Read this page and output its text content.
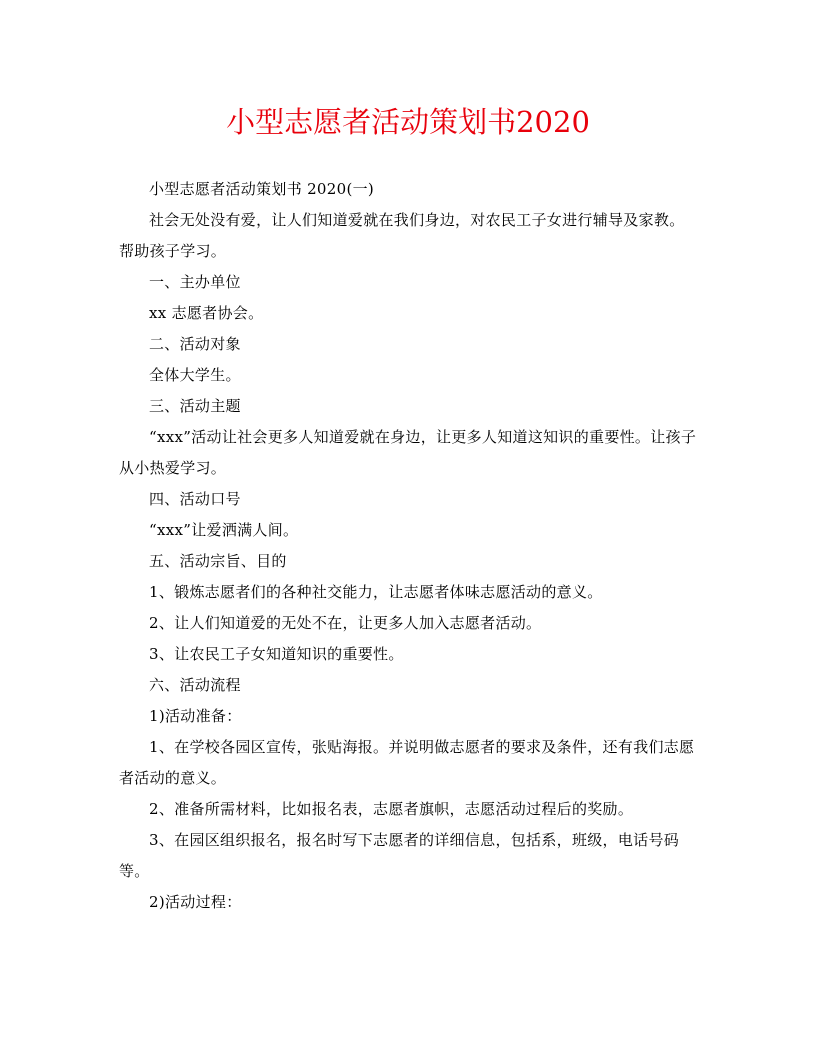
小型志愿者活动策划书2020

小型志愿者活动策划书 2020(一)

社会无处没有爱，让人们知道爱就在我们身边，对农民工子女进行辅导及家教。帮助孩子学习。

一、主办单位

xx 志愿者协会。

二、活动对象

全体大学生。

三、活动主题

“xxx”活动让社会更多人知道爱就在身边，让更多人知道这知识的重要性。让孩子从小热爱学习。

四、活动口号

“xxx”让爱洒满人间。

五、活动宗旨、目的

1、锻炼志愿者们的各种社交能力，让志愿者体味志愿活动的意义。

2、让人们知道爱的无处不在，让更多人加入志愿者活动。

3、让农民工子女知道知识的重要性。

六、活动流程

1)活动准备：

1、在学校各园区宣传，张贴海报。并说明做志愿者的要求及条件，还有我们志愿者活动的意义。

2、准备所需材料，比如报名表，志愿者旗帜，志愿活动过程后的奖励。

3、在园区组织报名，报名时写下志愿者的详细信息，包括系，班级，电话号码等。

2)活动过程：
